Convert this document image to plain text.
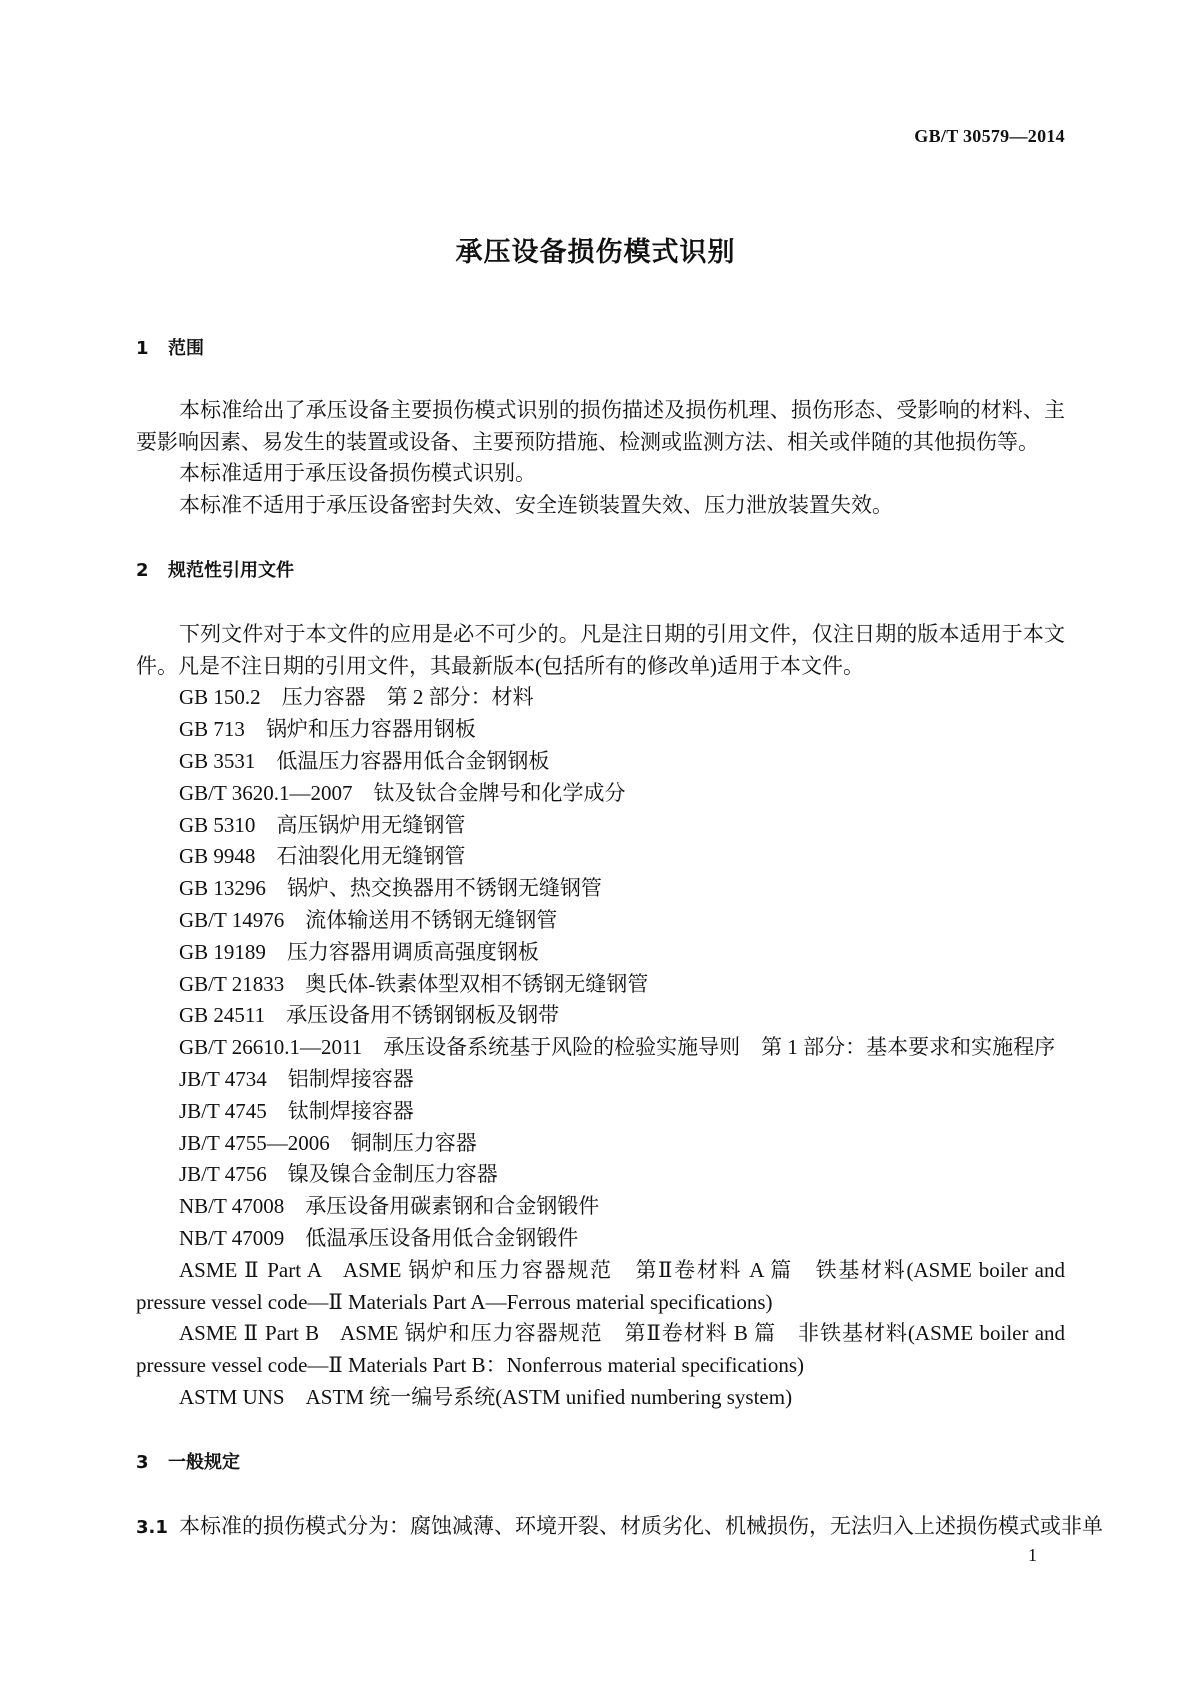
GB/T 30579—2014
承压设备损伤模式识别
1 范围
本标准给出了承压设备主要损伤模式识别的损伤描述及损伤机理、损伤形态、受影响的材料、主要影响因素、易发生的装置或设备、主要预防措施、检测或监测方法、相关或伴随的其他损伤等。
本标准适用于承压设备损伤模式识别。
本标准不适用于承压设备密封失效、安全连锁装置失效、压力泄放装置失效。
2 规范性引用文件
下列文件对于本文件的应用是必不可少的。凡是注日期的引用文件，仅注日期的版本适用于本文件。凡是不注日期的引用文件，其最新版本(包括所有的修改单)适用于本文件。
GB 150.2 压力容器　第 2 部分：材料
GB 713 锅炉和压力容器用钢板
GB 3531 低温压力容器用低合金钢钢板
GB/T 3620.1—2007 钛及钛合金牌号和化学成分
GB 5310 高压锅炉用无缝钢管
GB 9948 石油裂化用无缝钢管
GB 13296 锅炉、热交换器用不锈钢无缝钢管
GB/T 14976 流体输送用不锈钢无缝钢管
GB 19189 压力容器用调质高强度钢板
GB/T 21833 奥氏体-铁素体型双相不锈钢无缝钢管
GB 24511 承压设备用不锈钢钢板及钢带
GB/T 26610.1—2011 承压设备系统基于风险的检验实施导则　第 1 部分：基本要求和实施程序
JB/T 4734 铝制焊接容器
JB/T 4745 钛制焊接容器
JB/T 4755—2006 铜制压力容器
JB/T 4756 镍及镍合金制压力容器
NB/T 47008 承压设备用碳素钢和合金钢锻件
NB/T 47009 低温承压设备用低合金钢锻件
ASME Ⅱ Part A ASME 锅炉和压力容器规范　第Ⅱ卷材料 A 篇　铁基材料(ASME boiler and pressure vessel code—Ⅱ Materials Part A—Ferrous material specifications)
ASME Ⅱ Part B ASME 锅炉和压力容器规范　第Ⅱ卷材料 B 篇　非铁基材料(ASME boiler and pressure vessel code—Ⅱ Materials Part B：Nonferrous material specifications)
ASTM UNS ASTM 统一编号系统(ASTM unified numbering system)
3 一般规定
3.1 本标准的损伤模式分为：腐蚀减薄、环境开裂、材质劣化、机械损伤，无法归入上述损伤模式或非单
1
